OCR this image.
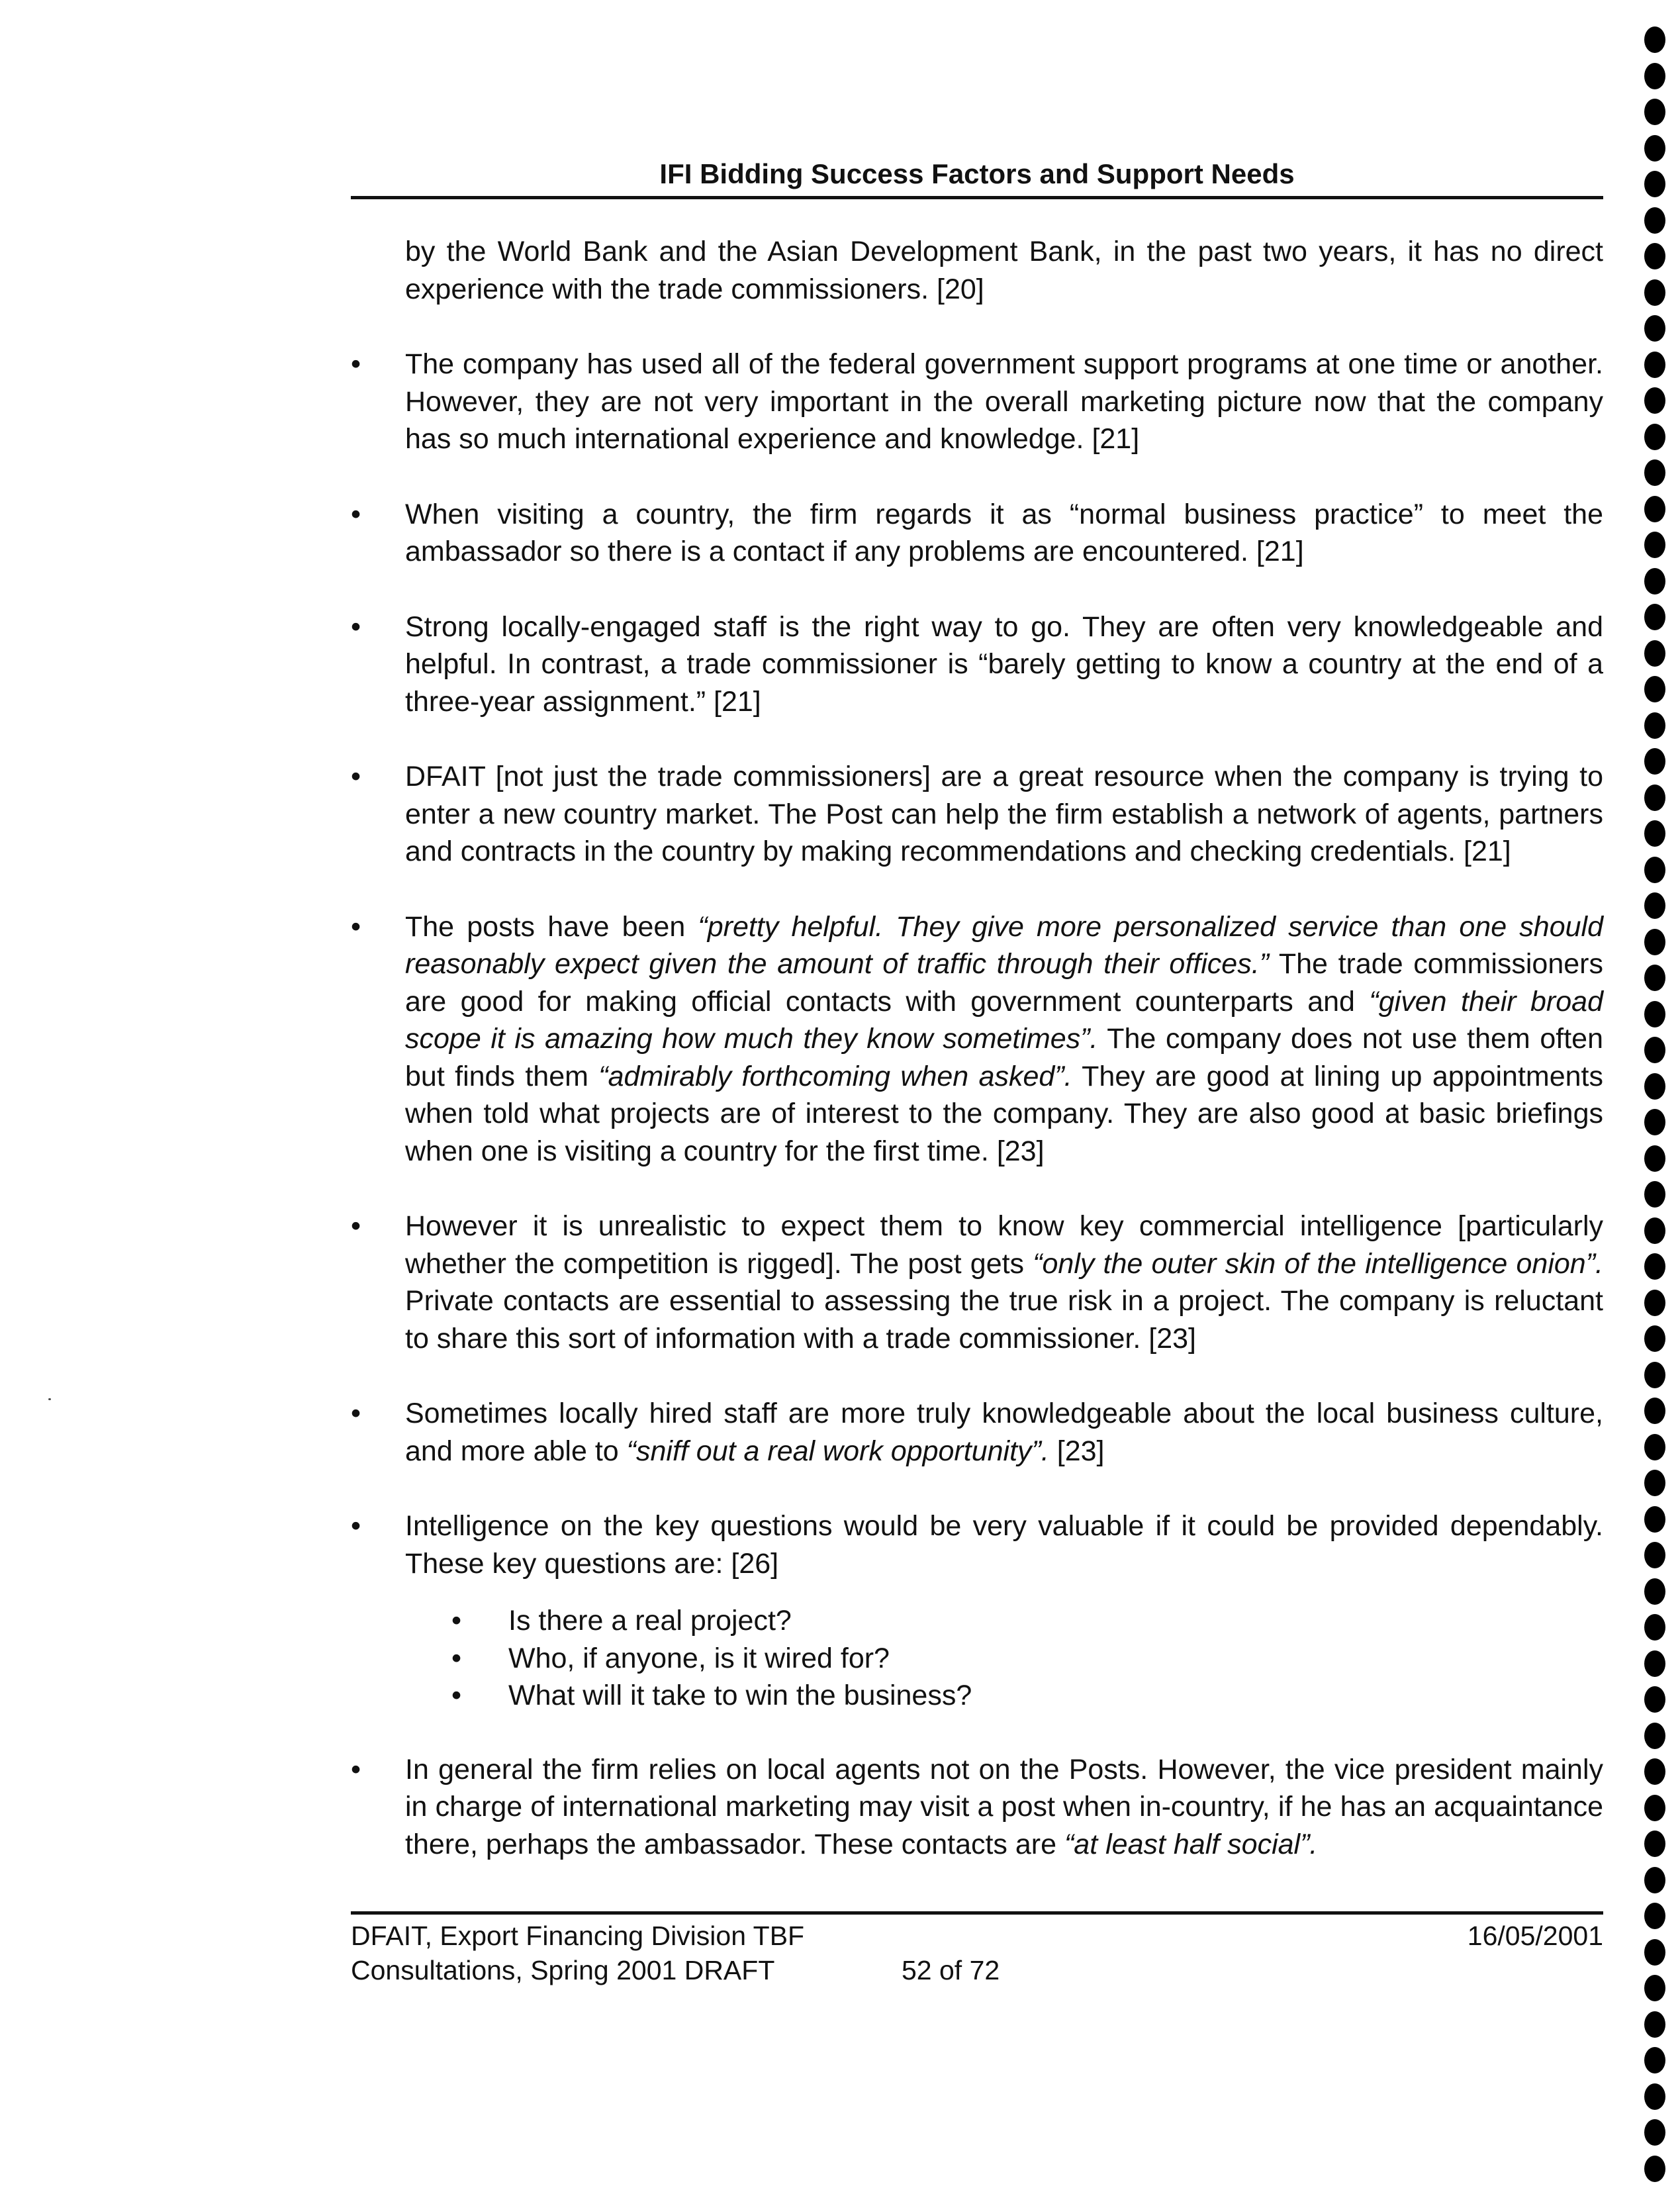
IFI Bidding Success Factors and Support Needs

by the World Bank and the Asian Development Bank, in the past two years, it has no direct experience with the trade commissioners. [20]

•	The company has used all of the federal government support programs at one time or another. However, they are not very important in the overall marketing picture now that the company has so much international experience and knowledge. [21]
•	When visiting a country, the firm regards it as “normal business practice” to meet the ambassador so there is a contact if any problems are encountered. [21]
•	Strong locally-engaged staff is the right way to go. They are often very knowledgeable and helpful. In contrast, a trade commissioner is “barely getting to know a country at the end of a three-year assignment.” [21]
•	DFAIT [not just the trade commissioners] are a great resource when the company is trying to enter a new country market. The Post can help the firm establish a network of agents, partners and contracts in the country by making recommendations and checking credentials. [21]
•	The posts have been “pretty helpful. They give more personalized service than one should reasonably expect given the amount of traffic through their offices.” The trade commissioners are good for making official contacts with government counterparts and “given their broad scope it is amazing how much they know sometimes”. The company does not use them often but finds them “admirably forthcoming when asked”. They are good at lining up appointments when told what projects are of interest to the company. They are also good at basic briefings when one is visiting a country for the first time. [23]
•	However it is unrealistic to expect them to know key commercial intelligence [particularly whether the competition is rigged]. The post gets “only the outer skin of the intelligence onion”. Private contacts are essential to assessing the true risk in a project. The company is reluctant to share this sort of information with a trade commissioner. [23]
•	Sometimes locally hired staff are more truly knowledgeable about the local business culture, and more able to “sniff out a real work opportunity”. [23]
•	Intelligence on the key questions would be very valuable if it could be provided dependably. These key questions are: [26]
• Is there a real project?
• Who, if anyone, is it wired for?
• What will it take to win the business?
•	In general the firm relies on local agents not on the Posts. However, the vice president mainly in charge of international marketing may visit a post when in-country, if he has an acquaintance there, perhaps the ambassador. These contacts are “at least half social”.
DFAIT, Export Financing Division TBF
Consultations, Spring 2001 DRAFT	52 of 72
16/05/2001
